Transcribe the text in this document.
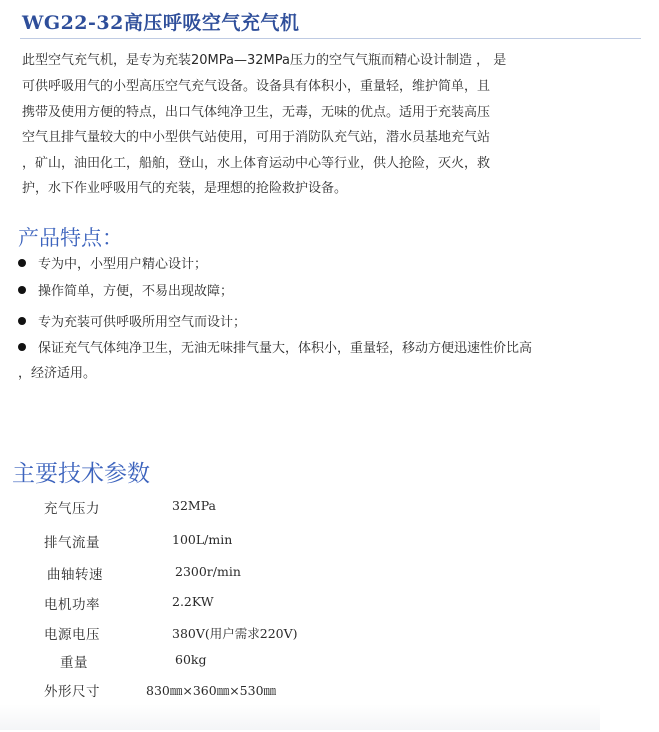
WG22-32高压呼吸空气充气机
此型空气充气机，是专为充装20MPa—32MPa压力的空气气瓶而精心设计制造 ， 是
可供呼吸用气的小型高压空气充气设备。设备具有体积小，重量轻，维护简单，且
携带及使用方便的特点，出口气体纯净卫生，无毒，无味的优点。适用于充装高压
空气且排气量较大的中小型供气站使用，可用于消防队充气站，潜水员基地充气站
，矿山，油田化工，船舶，登山，水上体育运动中心等行业，供人抢险，灭火，救
护，水下作业呼吸用气的充装，是理想的抢险救护设备。
产品特点：
专为中，小型用户精心设计；
操作简单，方便，不易出现故障；
专为充装可供呼吸所用空气而设计；
保证充气气体纯净卫生，无油无味排气量大，体积小，重量轻，移动方便迅速性价比高
，经济适用。
主要技术参数
充气压力	32MPa
排气流量	100L/min
曲轴转速	2300r/min
电机功率	2.2KW
电源电压	380V(用户需求220V)
重量	60kg
外形尺寸	830㎜×360㎜×530㎜
